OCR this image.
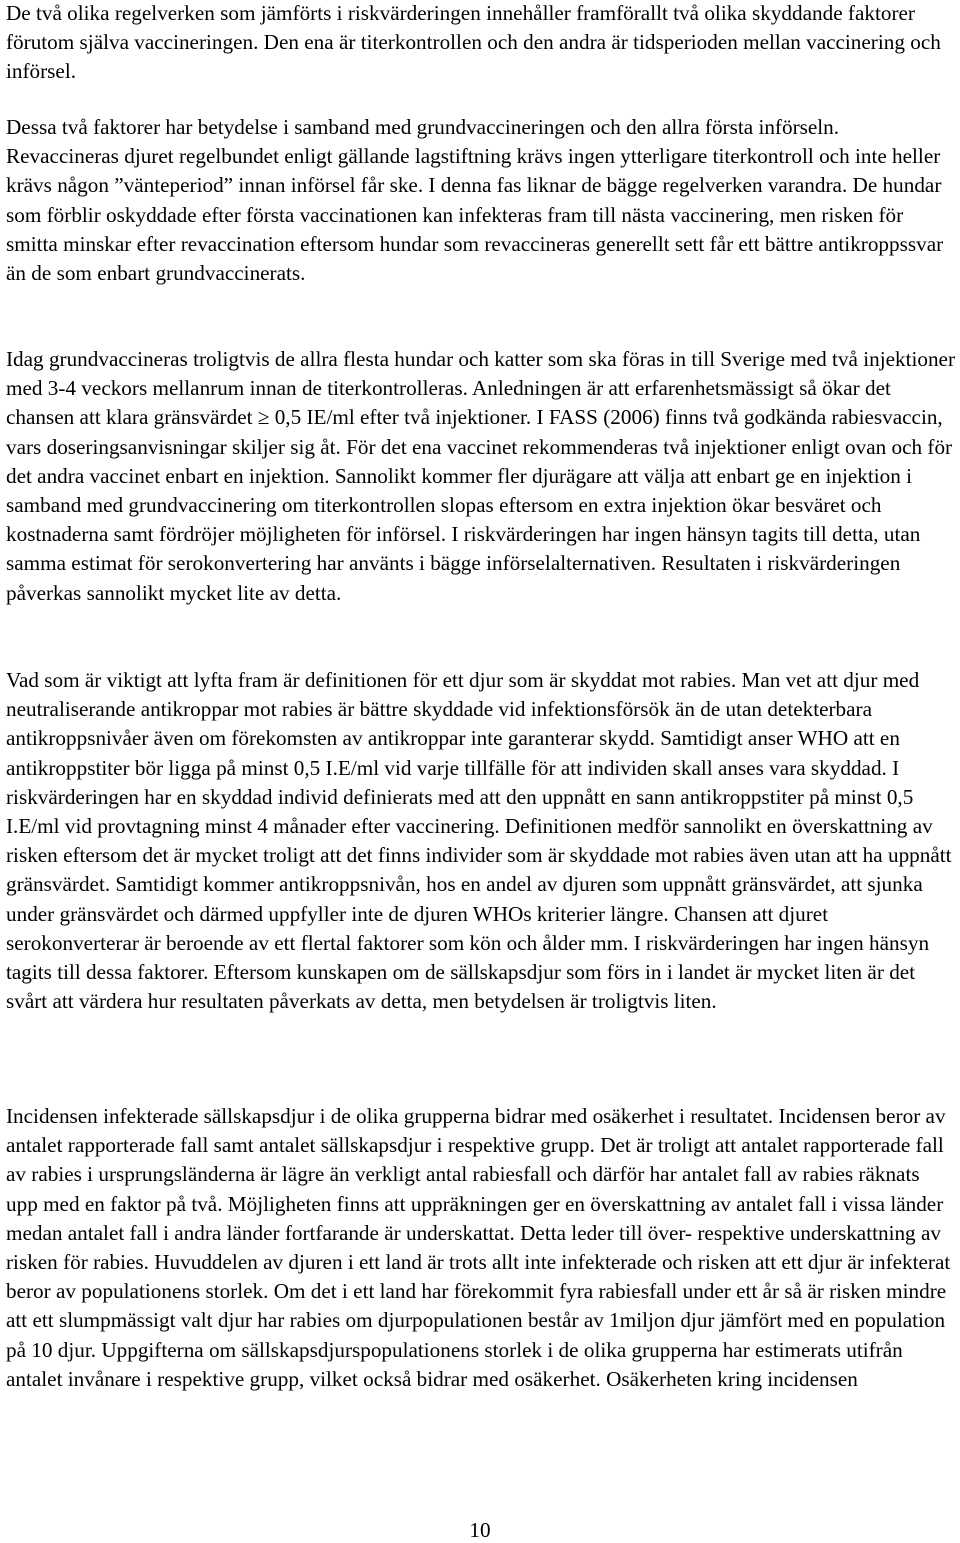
De två olika regelverken som jämförts i riskvärderingen innehåller framförallt två olika skyddande faktorer förutom själva vaccineringen. Den ena är titerkontrollen och den andra är tidsperioden mellan vaccinering och införsel.

Dessa två faktorer har betydelse i samband med grundvaccineringen och den allra första införseln. Revaccineras djuret regelbundet enligt gällande lagstiftning krävs ingen ytterligare titerkontroll och inte heller krävs någon ”vänteperiod” innan införsel får ske. I denna fas liknar de bägge regelverken varandra. De hundar som förblir oskyddade efter första vaccinationen kan infekteras fram till nästa vaccinering, men risken för smitta minskar efter revaccination eftersom hundar som revaccineras generellt sett får ett bättre antikroppssvar än de som enbart grundvaccinerats.

Idag grundvaccineras troligtvis de allra flesta hundar och katter som ska föras in till Sverige med två injektioner med 3-4 veckors mellanrum innan de titerkontrolleras. Anledningen är att erfarenhetsmässigt så ökar det chansen att klara gränsvärdet ≥ 0,5 IE/ml efter två injektioner. I FASS (2006) finns två godkända rabiesvaccin, vars doseringsanvisningar skiljer sig åt. För det ena vaccinet rekommenderas två injektioner enligt ovan och för det andra vaccinet enbart en injektion. Sannolikt kommer fler djurägare att välja att enbart ge en injektion i samband med grundvaccinering om titerkontrollen slopas eftersom en extra injektion ökar besväret och kostnaderna samt fördröjer möjligheten för införsel. I riskvärderingen har ingen hänsyn tagits till detta, utan samma estimat för serokonvertering har använts i bägge införselalternativen. Resultaten i riskvärderingen påverkas sannolikt mycket lite av detta.

Vad som är viktigt att lyfta fram är definitionen för ett djur som är skyddat mot rabies. Man vet att djur med neutraliserande antikroppar mot rabies är bättre skyddade vid infektionsförsök än de utan detekterbara antikroppsnivåer även om förekomsten av antikroppar inte garanterar skydd. Samtidigt anser WHO att en antikroppstiter bör ligga på minst 0,5 I.E/ml vid varje tillfälle för att individen skall anses vara skyddad. I riskvärderingen har en skyddad individ definierats med att den uppnått en sann antikroppstiter på minst 0,5 I.E/ml vid provtagning minst 4 månader efter vaccinering. Definitionen medför sannolikt en överskattning av risken eftersom det är mycket troligt att det finns individer som är skyddade mot rabies även utan att ha uppnått gränsvärdet. Samtidigt kommer antikroppsnivån, hos en andel av djuren som uppnått gränsvärdet, att sjunka under gränsvärdet och därmed uppfyller inte de djuren WHOs kriterier längre. Chansen att djuret serokonverterar är beroende av ett flertal faktorer som kön och ålder mm. I riskvärderingen har ingen hänsyn tagits till dessa faktorer. Eftersom kunskapen om de sällskapsdjur som förs in i landet är mycket liten är det svårt att värdera hur resultaten påverkats av detta, men betydelsen är troligtvis liten.

Incidensen infekterade sällskapsdjur i de olika grupperna bidrar med osäkerhet i resultatet. Incidensen beror av antalet rapporterade fall samt antalet sällskapsdjur i respektive grupp. Det är troligt att antalet rapporterade fall av rabies i ursprungsländerna är lägre än verkligt antal rabiesfall och därför har antalet fall av rabies räknats upp med en faktor på två. Möjligheten finns att uppräkningen ger en överskattning av antalet fall i vissa länder medan antalet fall i andra länder fortfarande är underskattat. Detta leder till över- respektive underskattning av risken för rabies. Huvuddelen av djuren i ett land är trots allt inte infekterade och risken att ett djur är infekterat beror av populationens storlek. Om det i ett land har förekommit fyra rabiesfall under ett år så är risken mindre att ett slumpmässigt valt djur har rabies om djurpopulationen består av 1miljon djur jämfört med en population på 10 djur. Uppgifterna om sällskapsdjurspopulationens storlek i de olika grupperna har estimerats utifrån antalet invånare i respektive grupp, vilket också bidrar med osäkerhet. Osäkerheten kring incidensen

10
